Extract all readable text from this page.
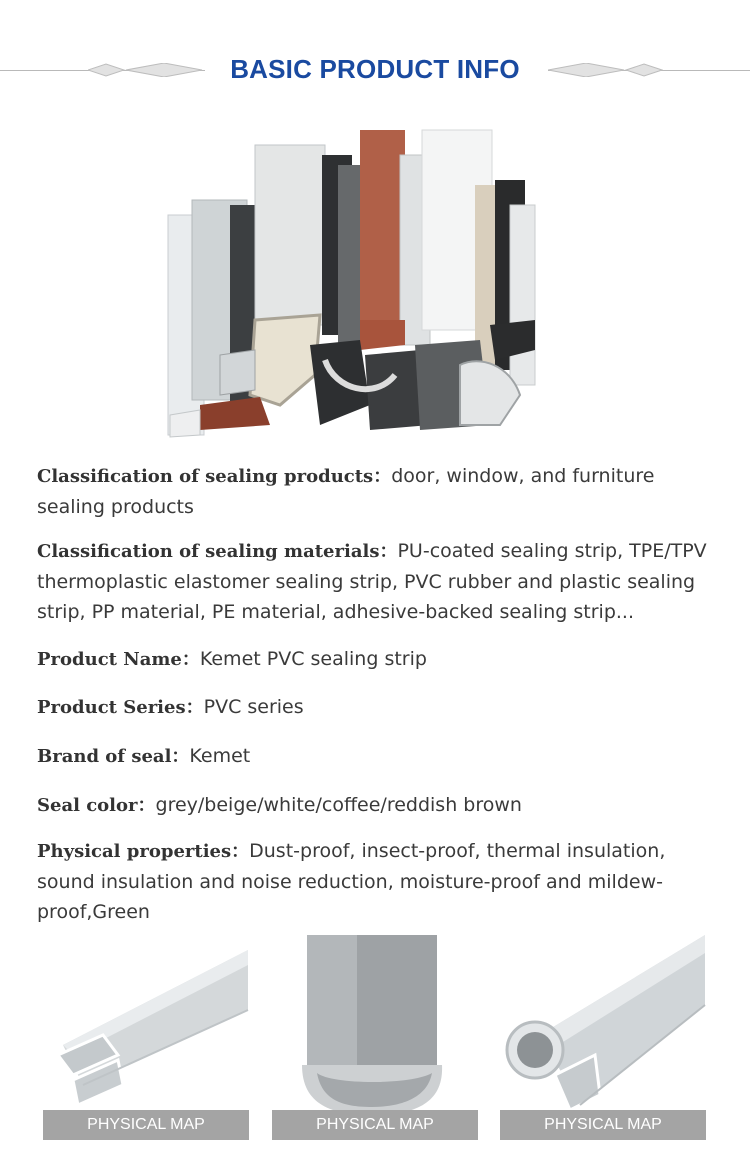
BASIC PRODUCT INFO

Classification of sealing products：door, window, and furniture sealing products

Classification of sealing materials：PU-coated sealing strip, TPE/TPV thermoplastic elastomer sealing strip, PVC rubber and plastic sealing strip, PP material, PE material, adhesive-backed sealing strip...

Product Name：Kemet PVC sealing strip

Product Series：PVC series

Brand of seal：Kemet

Seal color：grey/beige/white/coffee/reddish brown

Physical properties：Dust-proof, insect-proof, thermal insulation, sound insulation and noise reduction, moisture-proof and mildew-proof,Green

PHYSICAL MAP	PHYSICAL MAP	PHYSICAL MAP
